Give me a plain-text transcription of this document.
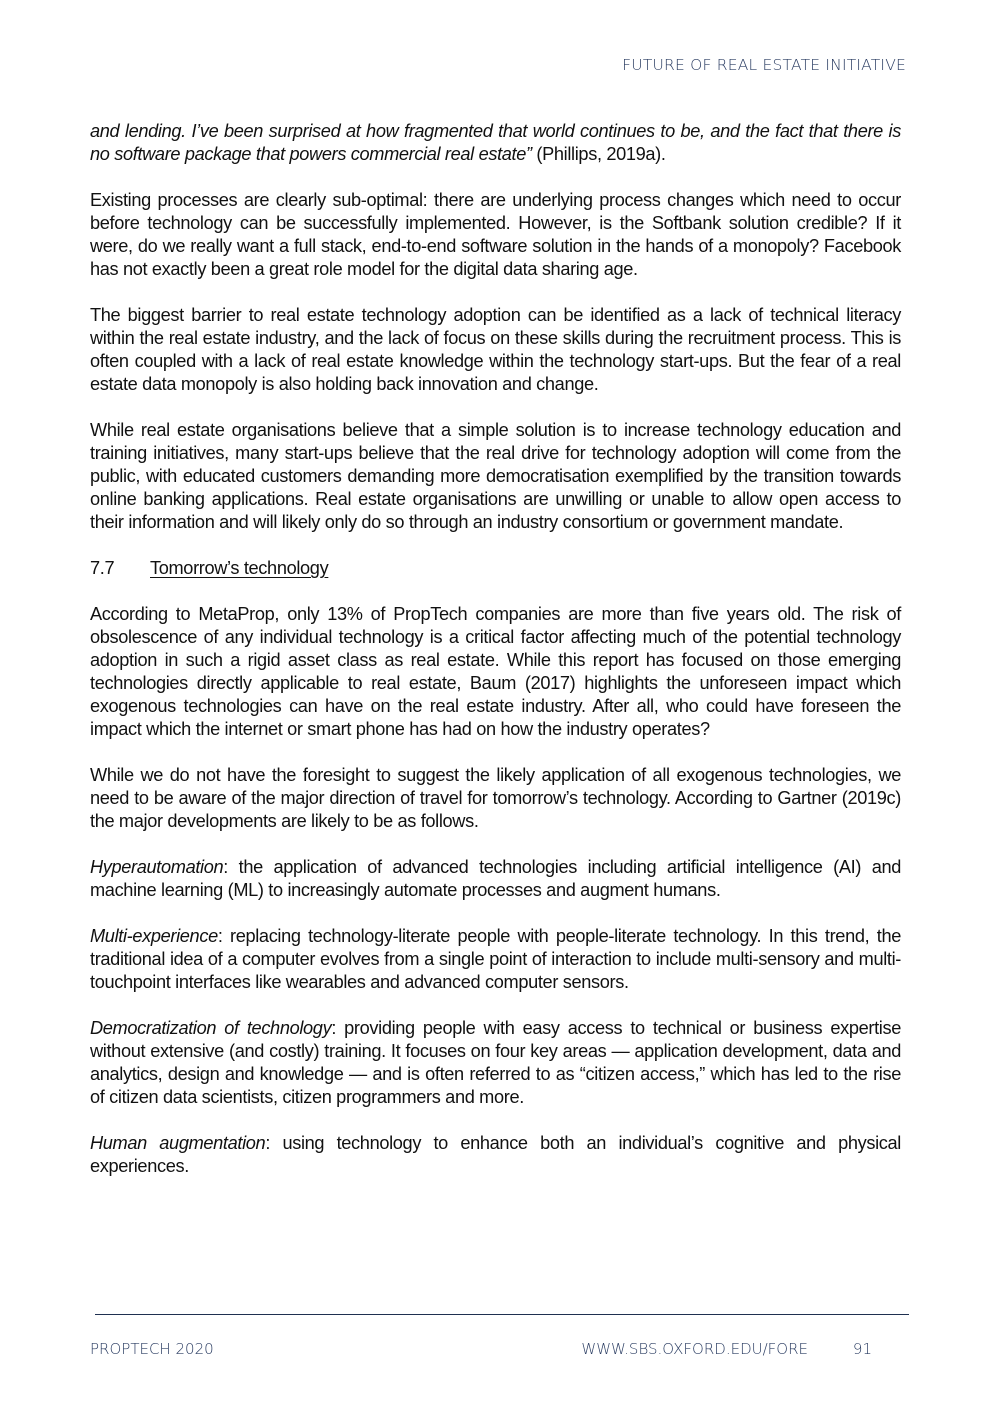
FUTURE OF REAL ESTATE INITIATIVE

and lending. I’ve been surprised at how fragmented that world continues to be, and the fact that there is no software package that powers commercial real estate” (Phillips, 2019a).

Existing processes are clearly sub-optimal: there are underlying process changes which need to occur before technology can be successfully implemented. However, is the Softbank solution credible? If it were, do we really want a full stack, end-to-end software solution in the hands of a monopoly? Facebook has not exactly been a great role model for the digital data sharing age.

The biggest barrier to real estate technology adoption can be identified as a lack of technical literacy within the real estate industry, and the lack of focus on these skills during the recruitment process. This is often coupled with a lack of real estate knowledge within the technology start-ups. But the fear of a real estate data monopoly is also holding back innovation and change.

While real estate organisations believe that a simple solution is to increase technology education and training initiatives, many start-ups believe that the real drive for technology adoption will come from the public, with educated customers demanding more democratisation exemplified by the transition towards online banking applications. Real estate organisations are unwilling or unable to allow open access to their information and will likely only do so through an industry consortium or government mandate.

7.7 Tomorrow’s technology

According to MetaProp, only 13% of PropTech companies are more than five years old. The risk of obsolescence of any individual technology is a critical factor affecting much of the potential technology adoption in such a rigid asset class as real estate. While this report has focused on those emerging technologies directly applicable to real estate, Baum (2017) highlights the unforeseen impact which exogenous technologies can have on the real estate industry. After all, who could have foreseen the impact which the internet or smart phone has had on how the industry operates?

While we do not have the foresight to suggest the likely application of all exogenous technologies, we need to be aware of the major direction of travel for tomorrow’s technology. According to Gartner (2019c) the major developments are likely to be as follows.

Hyperautomation: the application of advanced technologies including artificial intelligence (AI) and machine learning (ML) to increasingly automate processes and augment humans.

Multi-experience: replacing technology-literate people with people-literate technology. In this trend, the traditional idea of a computer evolves from a single point of interaction to include multi-sensory and multi-touchpoint interfaces like wearables and advanced computer sensors.

Democratization of technology: providing people with easy access to technical or business expertise without extensive (and costly) training. It focuses on four key areas — application development, data and analytics, design and knowledge — and is often referred to as “citizen access,” which has led to the rise of citizen data scientists, citizen programmers and more.

Human augmentation: using technology to enhance both an individual’s cognitive and physical experiences.

PROPTECH 2020	WWW.SBS.OXFORD.EDU/FORE	91
